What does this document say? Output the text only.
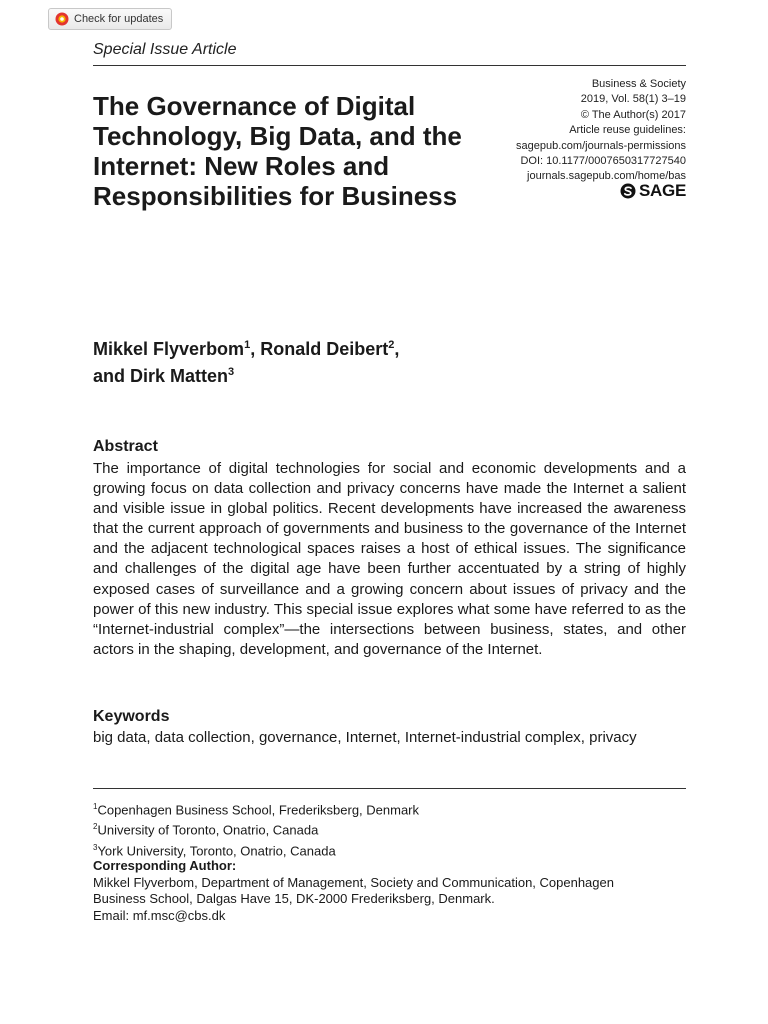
Check for updates
Special Issue Article
The Governance of Digital Technology, Big Data, and the Internet: New Roles and Responsibilities for Business
Business & Society
2019, Vol. 58(1) 3–19
© The Author(s) 2017
Article reuse guidelines:
sagepub.com/journals-permissions
DOI: 10.1177/0007650317727540
journals.sagepub.com/home/bas
SAGE
Mikkel Flyverbom$^1$, Ronald Deibert$^2$,
and Dirk Matten$^3$
Abstract

The importance of digital technologies for social and economic developments and a growing focus on data collection and privacy concerns have made the Internet a salient and visible issue in global politics. Recent developments have increased the awareness that the current approach of governments and business to the governance of the Internet and the adjacent technological spaces raises a host of ethical issues. The significance and challenges of the digital age have been further accentuated by a string of highly exposed cases of surveillance and a growing concern about issues of privacy and the power of this new industry. This special issue explores what some have referred to as the “Internet-industrial complex”—the intersections between business, states, and other actors in the shaping, development, and governance of the Internet.

Keywords

big data, data collection, governance, Internet, Internet-industrial complex, privacy

$^1$Copenhagen Business School, Frederiksberg, Denmark
$^2$University of Toronto, Onatrio, Canada
$^3$York University, Toronto, Onatrio, Canada
Corresponding Author:
Mikkel Flyverbom, Department of Management, Society and Communication, Copenhagen
Business School, Dalgas Have 15, DK-2000 Frederiksberg, Denmark.
Email: mf.msc@cbs.dk
